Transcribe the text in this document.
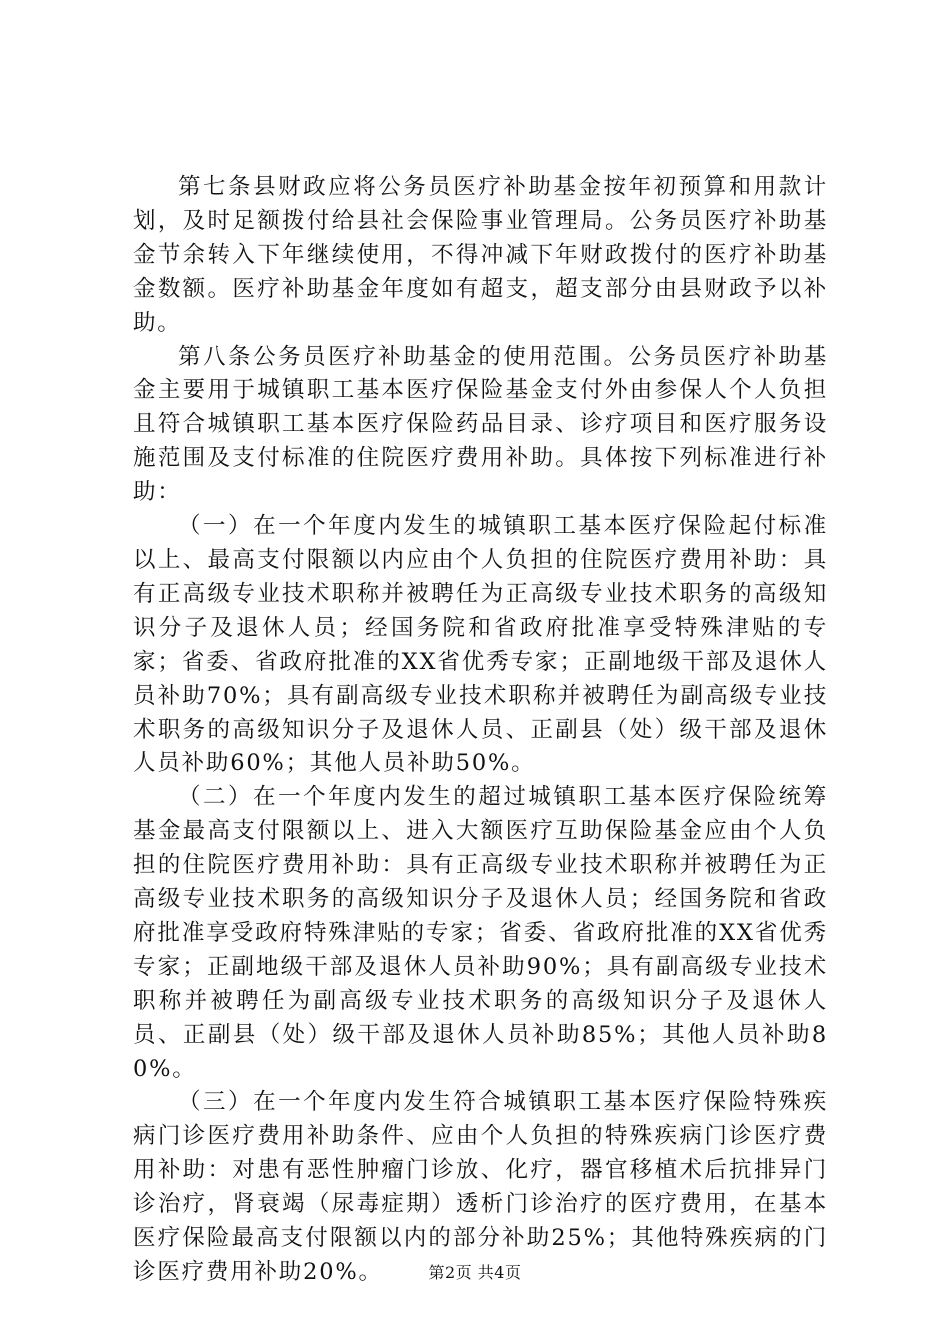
第七条县财政应将公务员医疗补助基金按年初预算和用款计划，及时足额拨付给县社会保险事业管理局。公务员医疗补助基金节余转入下年继续使用，不得冲减下年财政拨付的医疗补助基金数额。医疗补助基金年度如有超支，超支部分由县财政予以补助。

第八条公务员医疗补助基金的使用范围。公务员医疗补助基金主要用于城镇职工基本医疗保险基金支付外由参保人个人负担且符合城镇职工基本医疗保险药品目录、诊疗项目和医疗服务设施范围及支付标准的住院医疗费用补助。具体按下列标准进行补助：

（一）在一个年度内发生的城镇职工基本医疗保险起付标准以上、最高支付限额以内应由个人负担的住院医疗费用补助：具有正高级专业技术职称并被聘任为正高级专业技术职务的高级知识分子及退休人员；经国务院和省政府批准享受特殊津贴的专家；省委、省政府批准的XX省优秀专家；正副地级干部及退休人员补助70%；具有副高级专业技术职称并被聘任为副高级专业技术职务的高级知识分子及退休人员、正副县（处）级干部及退休人员补助60%；其他人员补助50%。

（二）在一个年度内发生的超过城镇职工基本医疗保险统筹基金最高支付限额以上、进入大额医疗互助保险基金应由个人负担的住院医疗费用补助：具有正高级专业技术职称并被聘任为正高级专业技术职务的高级知识分子及退休人员；经国务院和省政府批准享受政府特殊津贴的专家；省委、省政府批准的XX省优秀专家；正副地级干部及退休人员补助90%；具有副高级专业技术职称并被聘任为副高级专业技术职务的高级知识分子及退休人员、正副县（处）级干部及退休人员补助85%；其他人员补助80%。

（三）在一个年度内发生符合城镇职工基本医疗保险特殊疾病门诊医疗费用补助条件、应由个人负担的特殊疾病门诊医疗费用补助：对患有恶性肿瘤门诊放、化疗，器官移植术后抗排异门诊治疗，肾衰竭（尿毒症期）透析门诊治疗的医疗费用，在基本医疗保险最高支付限额以内的部分补助25%；其他特殊疾病的门诊医疗费用补助20%。	第2页 共4页
